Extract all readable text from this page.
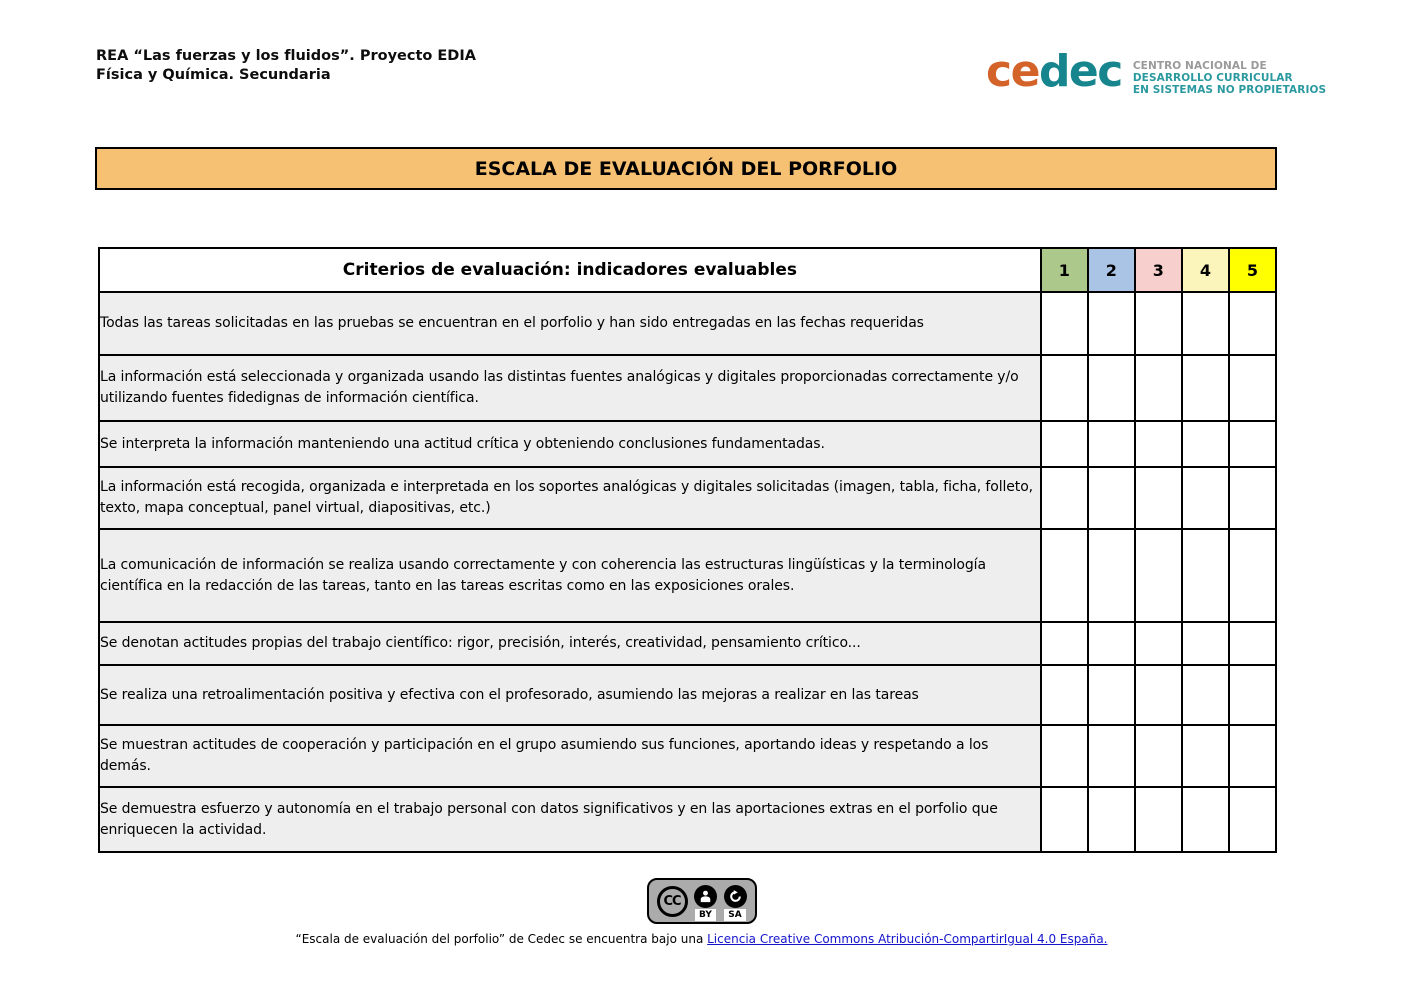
REA “Las fuerzas y los fluidos”. Proyecto EDIA
Física y Química. Secundaria	cedec CENTRO NACIONAL DE
DESARROLLO CURRICULAR
EN SISTEMAS NO PROPIETARIOS
ESCALA DE EVALUACIÓN DEL PORFOLIO
Criterios de evaluación: indicadores evaluables	1	2	3	4	5
Todas las tareas solicitadas en las pruebas se encuentran en el porfolio y han sido entregadas en las fechas requeridas					
La información está seleccionada y organizada usando las distintas fuentes analógicas y digitales proporcionadas correctamente y/o utilizando fuentes fidedignas de información científica.					
Se interpreta la información manteniendo una actitud crítica y obteniendo conclusiones fundamentadas.					
La información está recogida, organizada e interpretada en los soportes analógicas y digitales solicitadas (imagen, tabla, ficha, folleto, texto, mapa conceptual, panel virtual, diapositivas, etc.)					
La comunicación de información se realiza usando correctamente y con coherencia las estructuras lingüísticas y la terminología científica en la redacción de las tareas, tanto en las tareas escritas como en las exposiciones orales.					
Se denotan actitudes propias del trabajo científico: rigor, precisión, interés, creatividad, pensamiento crítico...					
Se realiza una retroalimentación positiva y efectiva con el profesorado, asumiendo las mejoras a realizar en las tareas					
Se muestran actitudes de cooperación y participación en el grupo asumiendo sus funciones, aportando ideas y respetando a los demás.					
Se demuestra esfuerzo y autonomía en el trabajo personal con datos significativos y en las aportaciones extras en el porfolio que enriquecen la actividad.					
CC
BY	SA
“Escala de evaluación del porfolio” de Cedec se encuentra bajo una Licencia Creative Commons Atribución-CompartirIgual 4.0 España.
